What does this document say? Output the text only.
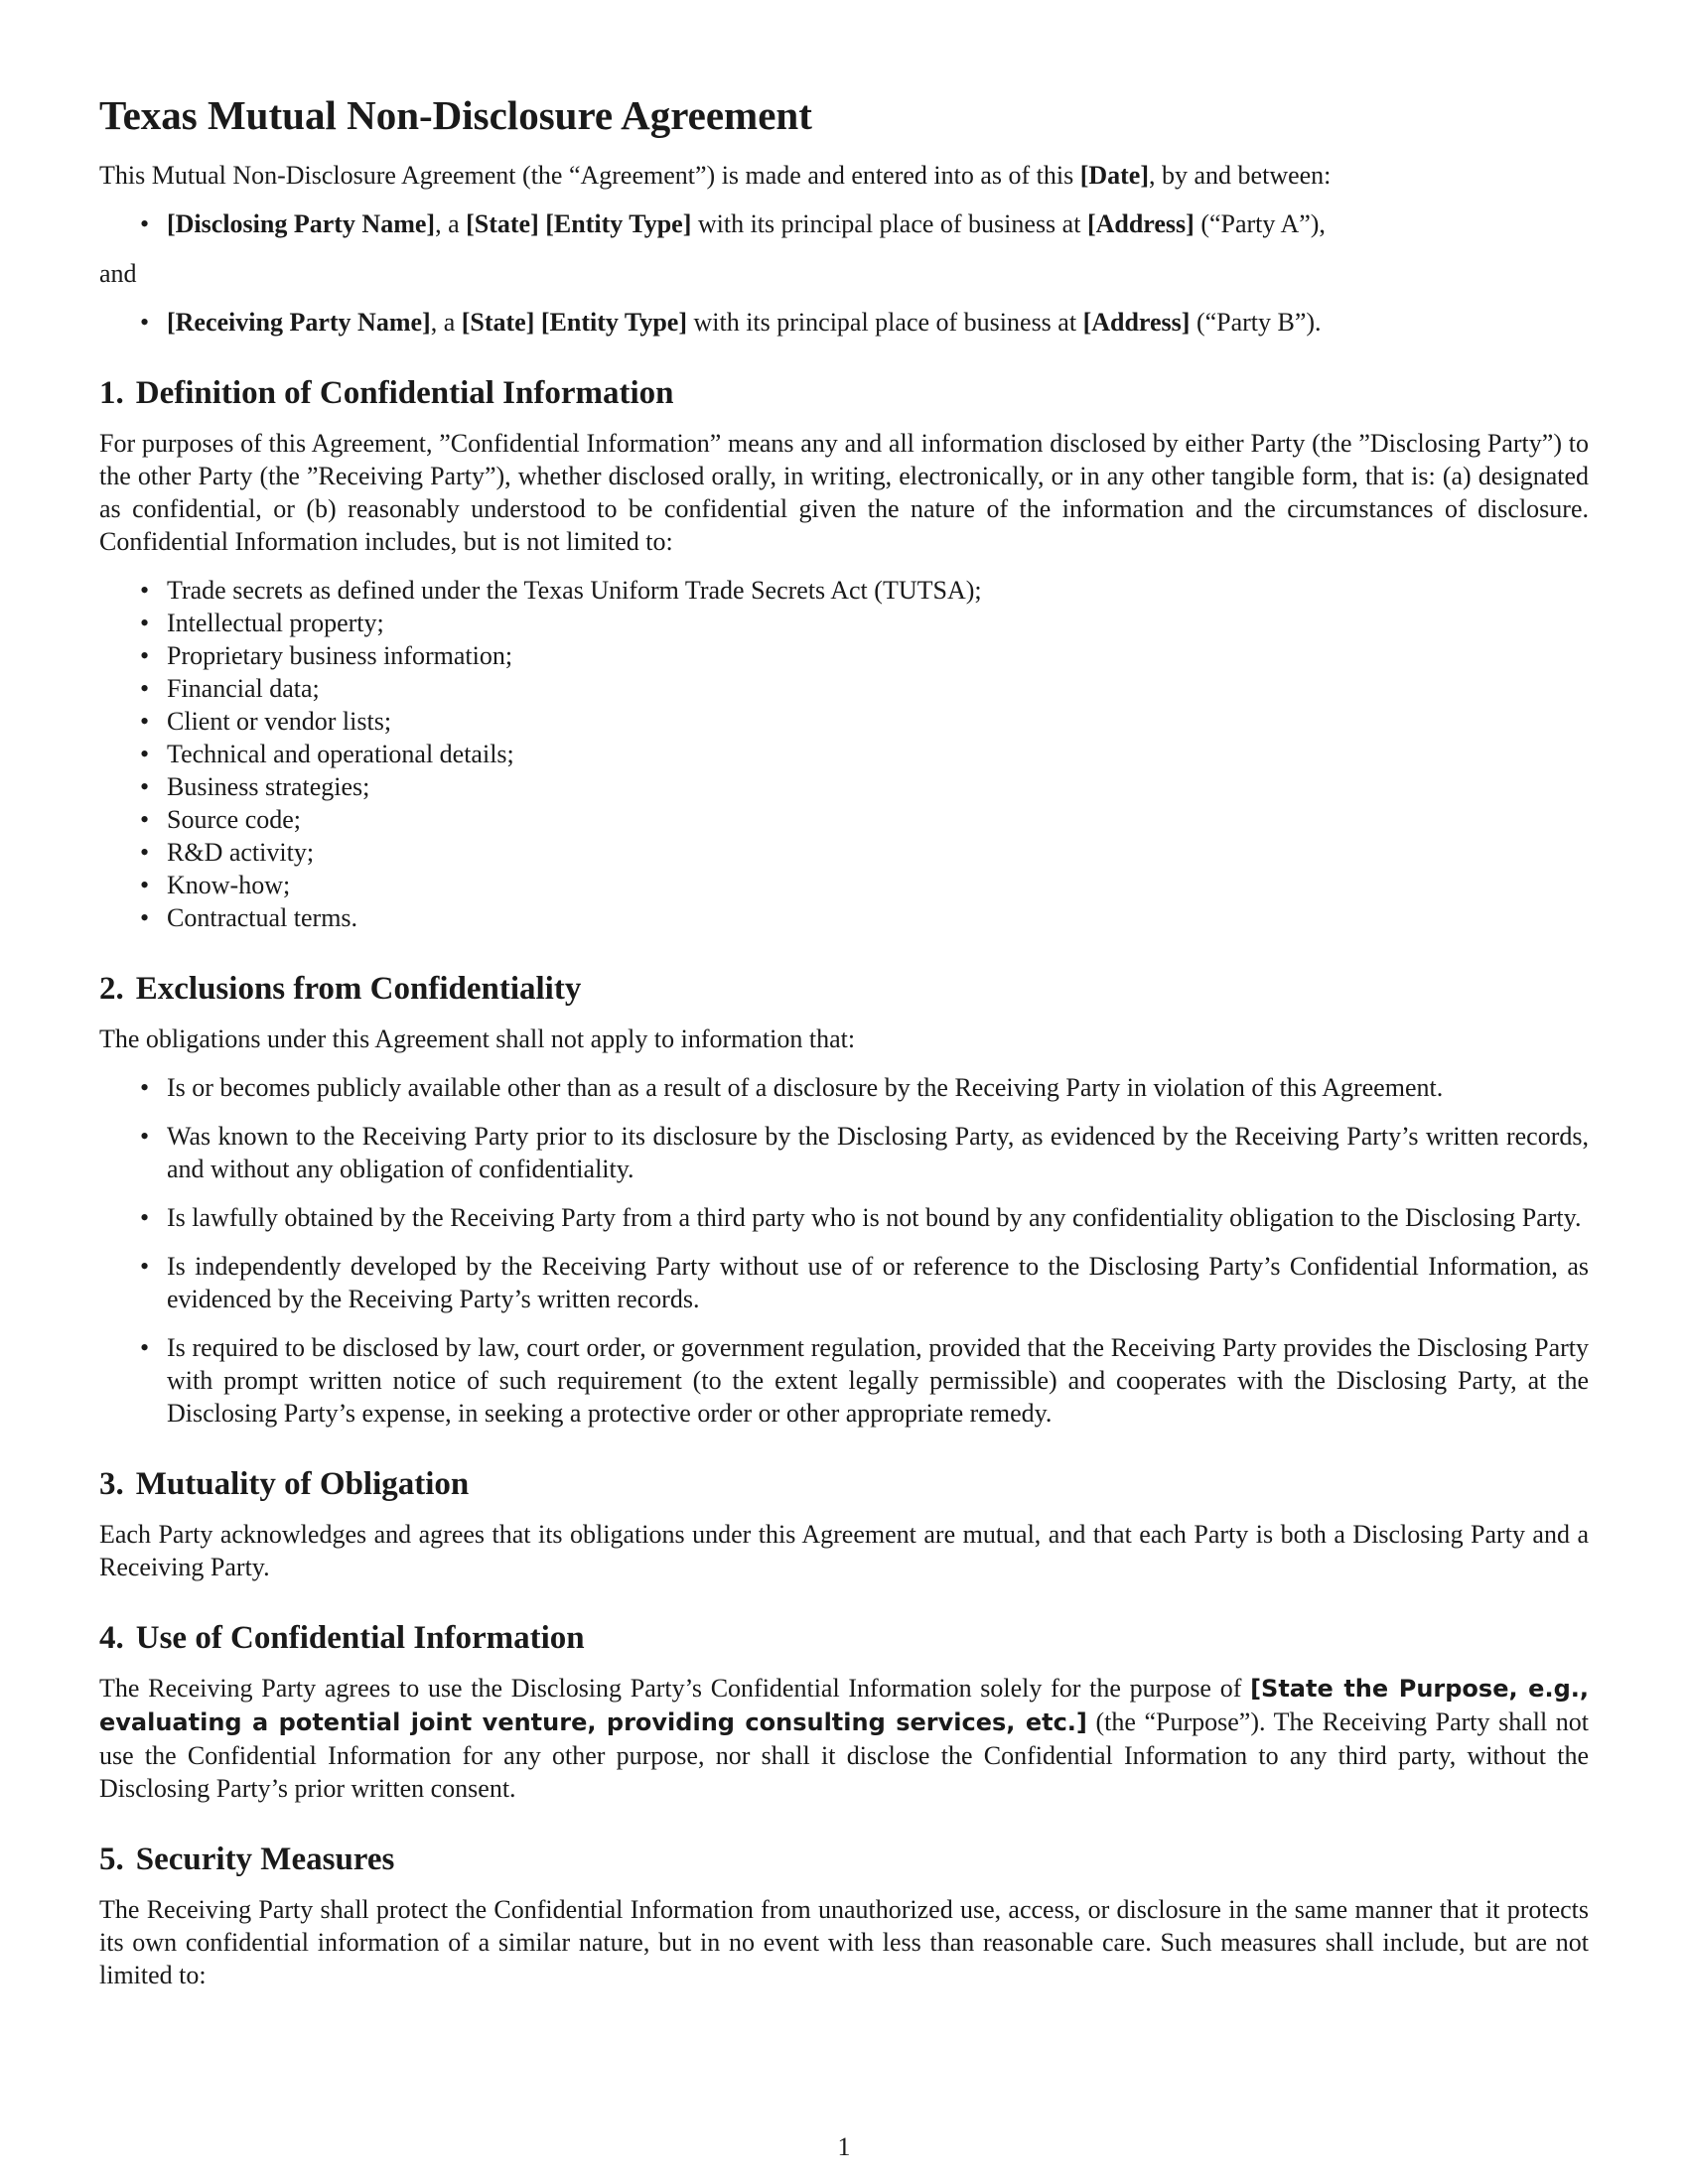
Texas Mutual Non-Disclosure Agreement

This Mutual Non-Disclosure Agreement (the “Agreement”) is made and entered into as of this [Date], by and between:

• [Disclosing Party Name], a [State] [Entity Type] with its principal place of business at [Address] (“Party A”),

and

• [Receiving Party Name], a [State] [Entity Type] with its principal place of business at [Address] (“Party B”).
1. Definition of Confidential Information

For purposes of this Agreement, ”Confidential Information” means any and all information disclosed by either Party (the ”Disclosing Party”) to the other Party (the ”Receiving Party”), whether disclosed orally, in writing, electronically, or in any other tangible form, that is: (a) designated as confidential, or (b) reasonably understood to be confidential given the nature of the information and the circumstances of disclosure. Confidential Information includes, but is not limited to:

• Trade secrets as defined under the Texas Uniform Trade Secrets Act (TUTSA);
• Intellectual property;
• Proprietary business information;
• Financial data;
• Client or vendor lists;
• Technical and operational details;
• Business strategies;
• Source code;
• R&D activity;
• Know-how;
• Contractual terms.
2. Exclusions from Confidentiality

The obligations under this Agreement shall not apply to information that:

• Is or becomes publicly available other than as a result of a disclosure by the Receiving Party in violation of this Agreement.
• Was known to the Receiving Party prior to its disclosure by the Disclosing Party, as evidenced by the Receiving Party’s written records, and without any obligation of confidentiality.
• Is lawfully obtained by the Receiving Party from a third party who is not bound by any confidentiality obligation to the Disclosing Party.
• Is independently developed by the Receiving Party without use of or reference to the Disclosing Party’s Confidential Information, as evidenced by the Receiving Party’s written records.
• Is required to be disclosed by law, court order, or government regulation, provided that the Receiving Party provides the Disclosing Party with prompt written notice of such requirement (to the extent legally permissible) and cooperates with the Disclosing Party, at the Disclosing Party’s expense, in seeking a protective order or other appropriate remedy.
3. Mutuality of Obligation

Each Party acknowledges and agrees that its obligations under this Agreement are mutual, and that each Party is both a Disclosing Party and a Receiving Party.

4. Use of Confidential Information

The Receiving Party agrees to use the Disclosing Party’s Confidential Information solely for the purpose of [State the Purpose, e.g., evaluating a potential joint venture, providing consulting services, etc.] (the “Purpose”). The Receiving Party shall not use the Confidential Information for any other purpose, nor shall it disclose the Confidential Information to any third party, without the Disclosing Party’s prior written consent.

5. Security Measures

The Receiving Party shall protect the Confidential Information from unauthorized use, access, or disclosure in the same manner that it protects its own confidential information of a similar nature, but in no event with less than reasonable care. Such measures shall include, but are not limited to:

1
